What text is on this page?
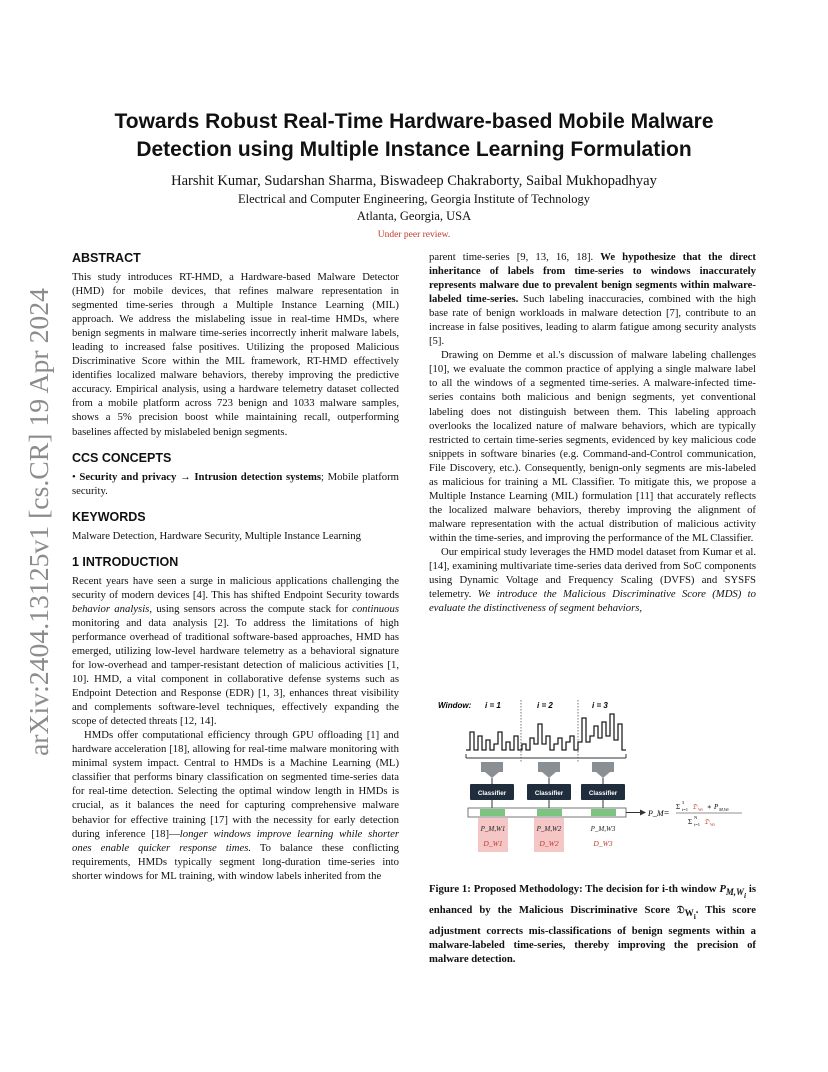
arXiv:2404.13125v1 [cs.CR] 19 Apr 2024
Towards Robust Real-Time Hardware-based Mobile Malware
Detection using Multiple Instance Learning Formulation
Harshit Kumar, Sudarshan Sharma, Biswadeep Chakraborty, Saibal Mukhopadhyay
Electrical and Computer Engineering, Georgia Institute of Technology
Atlanta, Georgia, USA
Under peer review.
ABSTRACT

This study introduces RT-HMD, a Hardware-based Malware Detector (HMD) for mobile devices, that refines malware representation in segmented time-series through a Multiple Instance Learning (MIL) approach. We address the mislabeling issue in real-time HMDs, where benign segments in malware time-series incorrectly inherit malware labels, leading to increased false positives. Utilizing the proposed Malicious Discriminative Score within the MIL framework, RT-HMD effectively identifies localized malware behaviors, thereby improving the predictive accuracy. Empirical analysis, using a hardware telemetry dataset collected from a mobile platform across 723 benign and 1033 malware samples, shows a 5% precision boost while maintaining recall, outperforming baselines affected by mislabeled benign segments.

CCS CONCEPTS

• Security and privacy → Intrusion detection systems; Mobile platform security.

KEYWORDS

Malware Detection, Hardware Security, Multiple Instance Learning

1 INTRODUCTION

Recent years have seen a surge in malicious applications challenging the security of modern devices [4]. This has shifted Endpoint Security towards behavior analysis, using sensors across the compute stack for continuous monitoring and data analysis [2]. To address the limitations of high performance overhead of traditional software-based approaches, HMD has emerged, utilizing low-level hardware telemetry as a behavioral signature for low-overhead and tamper-resistant detection of malicious activities [1, 10]. HMD, a vital component in collaborative defense systems such as Endpoint Detection and Response (EDR) [1, 3], enhances threat visibility and complements software-level techniques, effectively expanding the scope of detected threats [12, 14].

HMDs offer computational efficiency through GPU offloading [1] and hardware acceleration [18], allowing for real-time malware monitoring with minimal system impact. Central to HMDs is a Machine Learning (ML) classifier that performs binary classification on segmented time-series data for real-time detection. Selecting the optimal window length in HMDs is crucial, as it balances the need for capturing comprehensive malware behavior for effective training [17] with the necessity for early detection during inference [18]—longer windows improve learning while shorter ones enable quicker response times. To balance these conflicting requirements, HMDs typically segment long-duration time-series into shorter windows for ML training, with window labels inherited from the

parent time-series [9, 13, 16, 18]. We hypothesize that the direct inheritance of labels from time-series to windows inaccurately represents malware due to prevalent benign segments within malware-labeled time-series. Such labeling inaccuracies, combined with the high base rate of benign workloads in malware detection [7], contribute to an increase in false positives, leading to alarm fatigue among security analysts [5].

Drawing on Demme et al.'s discussion of malware labeling challenges [10], we evaluate the common practice of applying a single malware label to all the windows of a segmented time-series. A malware-infected time-series contains both malicious and benign segments, yet conventional labeling does not distinguish between them. This labeling approach overlooks the localized nature of malware behaviors, which are typically restricted to certain time-series segments, evidenced by key malicious code snippets in software binaries (e.g. Command-and-Control communication, File Discovery, etc.). Consequently, benign-only segments are mis-labeled as malicious for training a ML Classifier. To mitigate this, we propose a Multiple Instance Learning (MIL) formulation [11] that accurately reflects the localized malware behaviors, thereby improving the alignment of malware representation with the actual distribution of malicious activity within the time-series, and improving the performance of the ML Classifier.

Our empirical study leverages the HMD model dataset from Kumar et al. [14], examining multivariate time-series data derived from SoC components using Dynamic Voltage and Frequency Scaling (DVFS) and SYSFS telemetry. We introduce the Malicious Discriminative Score (MDS) to evaluate the distinctiveness of segment behaviors,

Window: i = 1	i = 2	i = 3
Classifier	Classifier	Classifier
P_M,W1	P_M,W2	P_M,W3
D_W1	D_W2	D_W3
P_M =
Σ i=1
3
𝔇 Wi ∗ P M,Wi
Σ i=1
N
𝔇 Wi
Figure 1: Proposed Methodology: The decision for i-th window $P_{M,W_i}$ is enhanced by the Malicious Discriminative Score 𝔇$_{W_i}$. This score adjustment corrects mis-classifications of benign segments within a malware-labeled time-series, thereby improving the precision of malware detection.
